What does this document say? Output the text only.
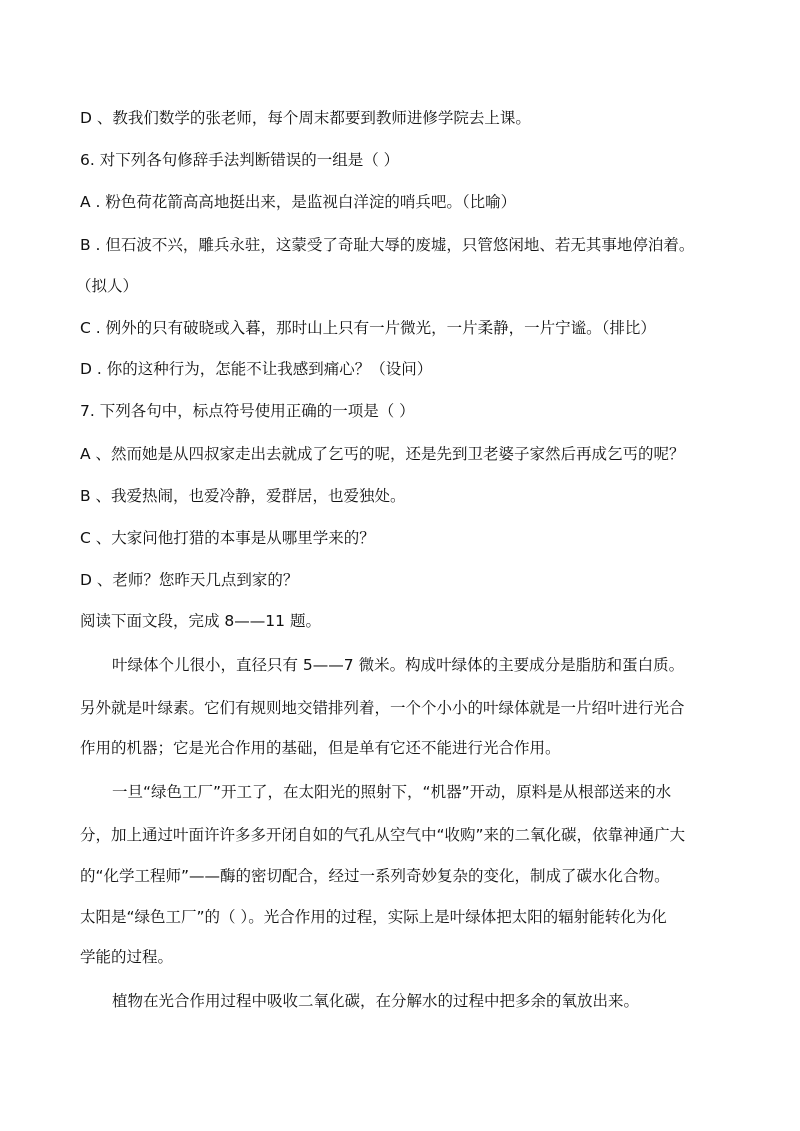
D 、教我们数学的张老师，每个周末都要到教师进修学院去上课。
6. 对下列各句修辞手法判断错误的一组是（ ）
A . 粉色荷花箭高高地挺出来，是监视白洋淀的哨兵吧。（比喻）
B . 但石波不兴，雕兵永驻，这蒙受了奇耻大辱的废墟，只管悠闲地、若无其事地停泊着。
（拟人）
C . 例外的只有破晓或入暮，那时山上只有一片微光，一片柔静，一片宁谧。（排比）
D . 你的这种行为，怎能不让我感到痛心？（设问）
7. 下列各句中，标点符号使用正确的一项是（ ）
A 、然而她是从四叔家走出去就成了乞丐的呢，还是先到卫老婆子家然后再成乞丐的呢？
B 、我爱热闹，也爱冷静，爱群居，也爱独处。
C 、大家问他打猎的本事是从哪里学来的？
D 、老师？您昨天几点到家的？
阅读下面文段，完成 8——11 题。
叶绿体个儿很小，直径只有 5——7 微米。构成叶绿体的主要成分是脂肪和蛋白质。
另外就是叶绿素。它们有规则地交错排列着，一个个小小的叶绿体就是一片绍叶进行光合
作用的机器；它是光合作用的基础，但是单有它还不能进行光合作用。
一旦“绿色工厂”开工了，在太阳光的照射下，“机器”开动，原料是从根部送来的水
分，加上通过叶面许许多多开闭自如的气孔从空气中“收购”来的二氧化碳，依靠神通广大
的“化学工程师”——酶的密切配合，经过一系列奇妙复杂的变化，制成了碳水化合物。
太阳是“绿色工厂”的（ ）。光合作用的过程，实际上是叶绿体把太阳的辐射能转化为化
学能的过程。
植物在光合作用过程中吸收二氧化碳，在分解水的过程中把多余的氧放出来。
